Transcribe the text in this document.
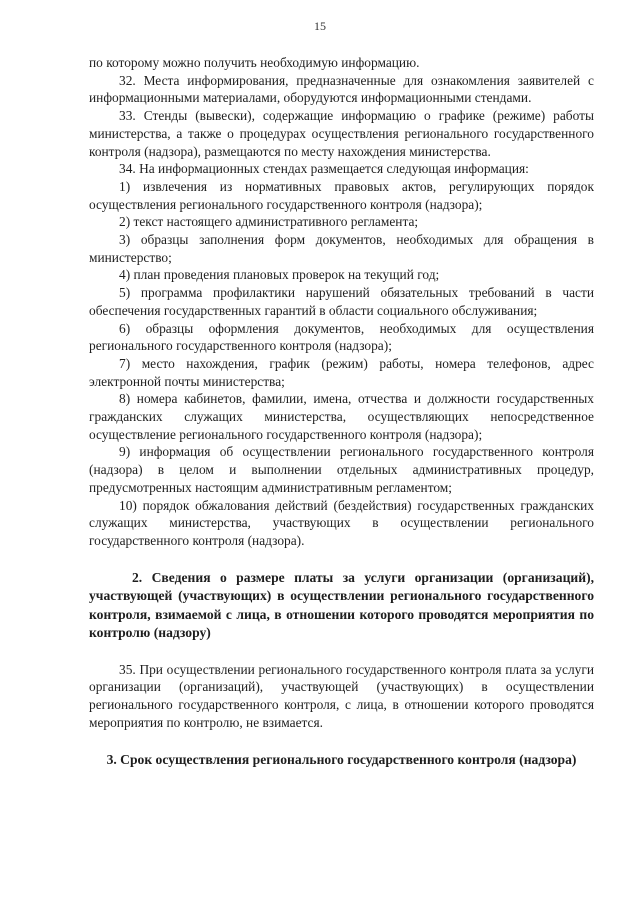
15

по которому можно получить необходимую информацию.

32. Места информирования, предназначенные для ознакомления заявителей с информационными материалами, оборудуются информационными стендами.

33. Стенды (вывески), содержащие информацию о графике (режиме) работы министерства, а также о процедурах осуществления регионального государственного контроля (надзора), размещаются по месту нахождения министерства.

34. На информационных стендах размещается следующая информация:

1) извлечения из нормативных правовых актов, регулирующих порядок осуществления регионального государственного контроля (надзора);

2) текст настоящего административного регламента;

3) образцы заполнения форм документов, необходимых для обращения в министерство;

4) план проведения плановых проверок на текущий год;

5) программа профилактики нарушений обязательных требований в части обеспечения государственных гарантий в области социального обслуживания;

6) образцы оформления документов, необходимых для осуществления регионального государственного контроля (надзора);

7) место нахождения, график (режим) работы, номера телефонов, адрес электронной почты министерства;

8) номера кабинетов, фамилии, имена, отчества и должности государственных гражданских служащих министерства, осуществляющих непосредственное осуществление регионального государственного контроля (надзора);

9) информация об осуществлении регионального государственного контроля (надзора) в целом и выполнении отдельных административных процедур, предусмотренных настоящим административным регламентом;

10) порядок обжалования действий (бездействия) государственных гражданских служащих министерства, участвующих в осуществлении регионального государственного контроля (надзора).

2. Сведения о размере платы за услуги организации (организаций), участвующей (участвующих) в осуществлении регионального государственного контроля, взимаемой с лица, в отношении которого проводятся мероприятия по контролю (надзору)

35. При осуществлении регионального государственного контроля плата за услуги организации (организаций), участвующей (участвующих) в осуществлении регионального государственного контроля, с лица, в отношении которого проводятся мероприятия по контролю, не взимается.

3. Срок осуществления регионального государственного контроля (надзора)
